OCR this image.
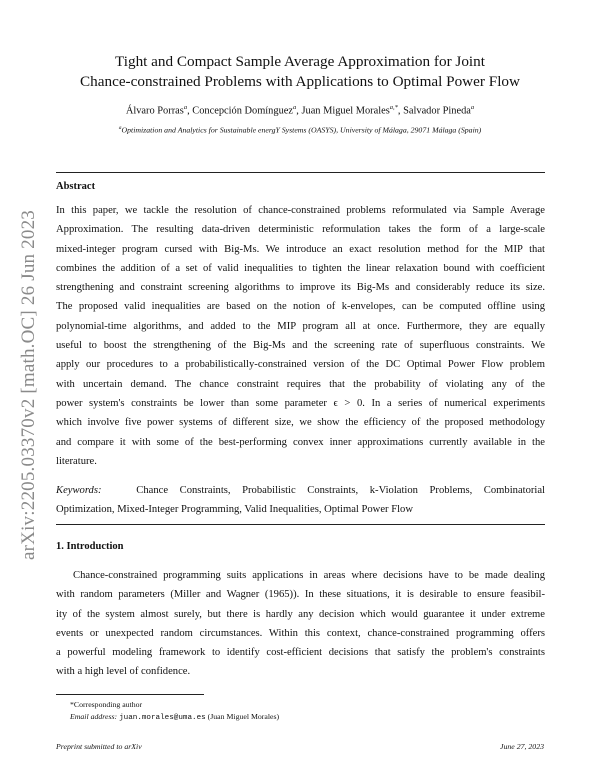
arXiv:2205.03370v2 [math.OC] 26 Jun 2023
Tight and Compact Sample Average Approximation for Joint
Chance-constrained Problems with Applications to Optimal Power Flow
Álvaro Porras$^a$, Concepción Domínguez$^a$, Juan Miguel Morales$^{a,*}$, Salvador Pineda$^a$
$^a$Optimization and Analytics for Sustainable energY Systems (OASYS), University of Málaga, 29071 Málaga (Spain)
Abstract
In this paper, we tackle the resolution of chance-constrained problems reformulated via Sample Average
Approximation. The resulting data-driven deterministic reformulation takes the form of a large-scale
mixed-integer program cursed with Big-Ms. We introduce an exact resolution method for the MIP that
combines the addition of a set of valid inequalities to tighten the linear relaxation bound with coefficient
strengthening and constraint screening algorithms to improve its Big-Ms and considerably reduce its size.
The proposed valid inequalities are based on the notion of k-envelopes, can be computed offline using
polynomial-time algorithms, and added to the MIP program all at once. Furthermore, they are equally
useful to boost the strengthening of the Big-Ms and the screening rate of superfluous constraints. We
apply our procedures to a probabilistically-constrained version of the DC Optimal Power Flow problem
with uncertain demand. The chance constraint requires that the probability of violating any of the
power system's constraints be lower than some parameter ϵ > 0. In a series of numerical experiments
which involve five power systems of different size, we show the efficiency of the proposed methodology
and compare it with some of the best-performing convex inner approximations currently available in the
literature.
Keywords:	Chance Constraints, Probabilistic Constraints, k-Violation Problems, Combinatorial
Optimization, Mixed-Integer Programming, Valid Inequalities, Optimal Power Flow
1. Introduction
Chance-constrained programming suits applications in areas where decisions have to be made dealing
with random parameters (Miller and Wagner (1965)). In these situations, it is desirable to ensure feasibil-
ity of the system almost surely, but there is hardly any decision which would guarantee it under extreme
events or unexpected random circumstances. Within this context, chance-constrained programming offers
a powerful modeling framework to identify cost-efficient decisions that satisfy the problem's constraints
with a high level of confidence.
*Corresponding author
Email address: juan.morales@uma.es (Juan Miguel Morales)
Preprint submitted to arXiv	June 27, 2023
